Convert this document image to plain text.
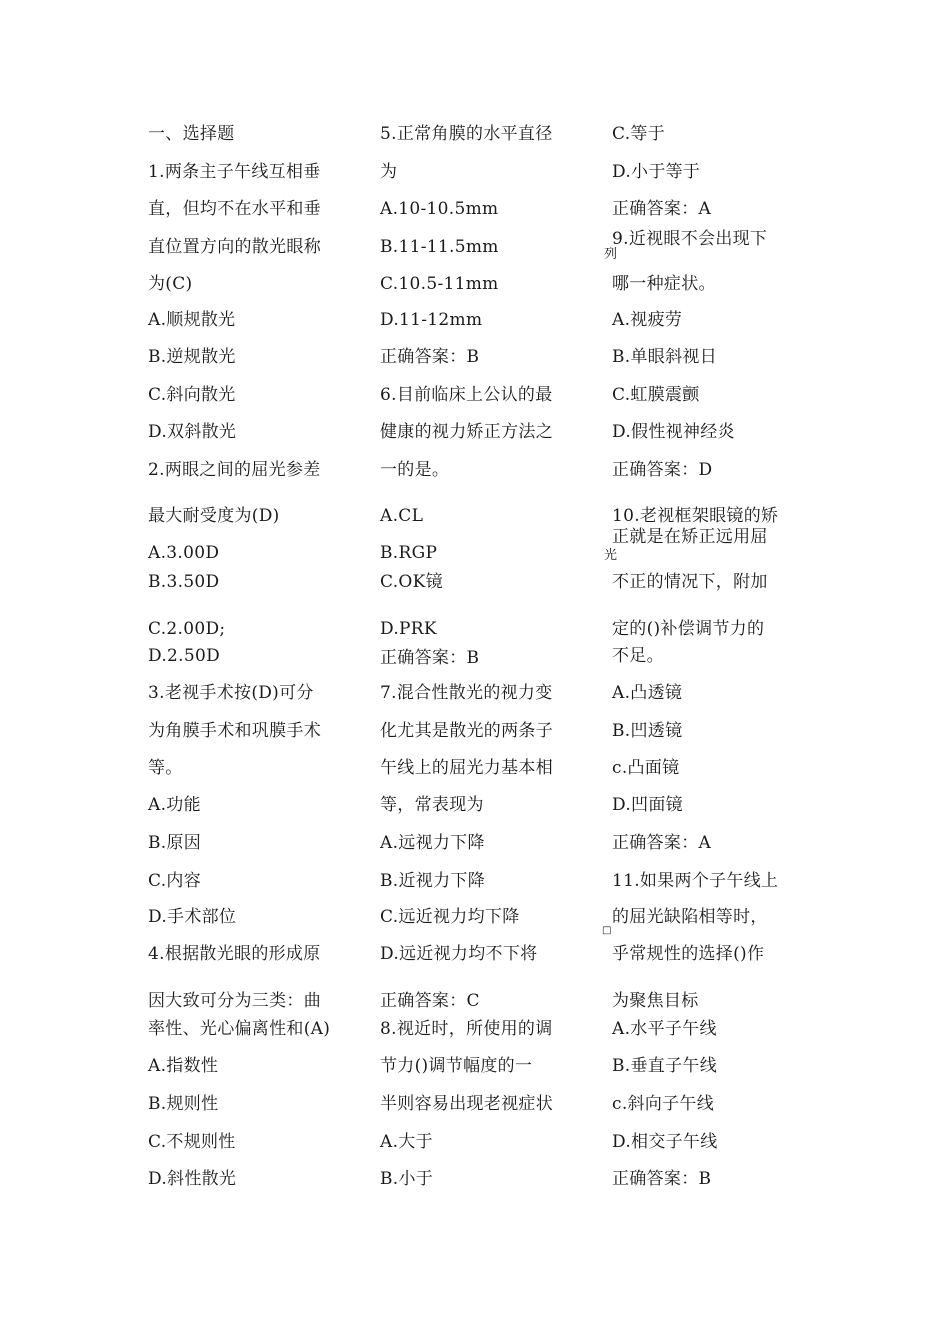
一、选择题
1.两条主子午线互相垂
直，但均不在水平和垂
直位置方向的散光眼称
为(C)
A.顺规散光
B.逆规散光
C.斜向散光
D.双斜散光
2.两眼之间的屈光参差
最大耐受度为(D)
A.3.00D
B.3.50D
C.2.00D;
D.2.50D
3.老视手术按(D)可分
为角膜手术和巩膜手术
等。
A.功能
B.原因
C.内容
D.手术部位
4.根据散光眼的形成原
因大致可分为三类：曲
率性、光心偏离性和(A)
A.指数性
B.规则性
C.不规则性
D.斜性散光
5.正常角膜的水平直径
为
A.10-10.5mm
B.11-11.5mm
C.10.5-11mm
D.11-12mm
正确答案：B
6.目前临床上公认的最
健康的视力矫正方法之
一的是。
A.CL
B.RGP
C.OK镜
D.PRK
正确答案：B
7.混合性散光的视力变
化尤其是散光的两条子
午线上的屈光力基本相
等，常表现为
A.远视力下降
B.近视力下降
C.远近视力均下降
D.远近视力均不下将
正确答案：C
8.视近时，所使用的调
节力()调节幅度的一
半则容易出现老视症状
A.大于
B.小于
C.等于
D.小于等于
正确答案：A
9.近视眼不会出现下
列
哪一种症状。
A.视疲劳
B.单眼斜视日
C.虹膜震颤
D.假性视神经炎
正确答案：D
10.老视框架眼镜的矫
正就是在矫正远用屈
光
不正的情况下，附加
定的()补偿调节力的
不足。
A.凸透镜
B.凹透镜
c.凸面镜
D.凹面镜
正确答案：A
11.如果两个子午线上
的屈光缺陷相等时，
□
乎常规性的选择()作
为聚焦目标
A.水平子午线
B.垂直子午线
c.斜向子午线
D.相交子午线
正确答案：B
